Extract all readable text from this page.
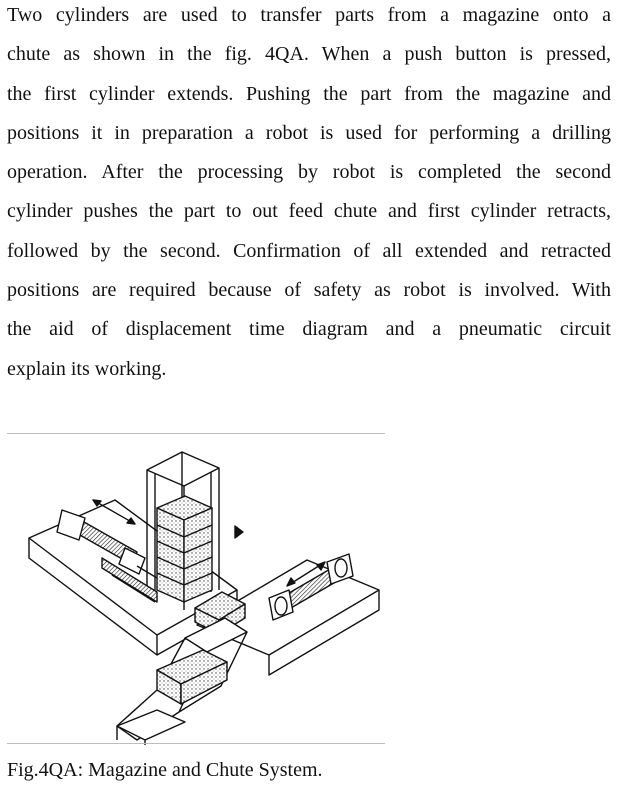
Two cylinders are used to transfer parts from a magazine onto a
chute as shown in the fig. 4QA. When a push button is pressed,
the first cylinder extends. Pushing the part from the magazine and
positions it in preparation a robot is used for performing a drilling
operation. After the processing by robot is completed the second
cylinder pushes the part to out feed chute and first cylinder retracts,
followed by the second. Confirmation of all extended and retracted
positions are required because of safety as robot is involved. With
the aid of displacement time diagram and a pneumatic circuit
explain its working.
Fig.4QA: Magazine and Chute System.
